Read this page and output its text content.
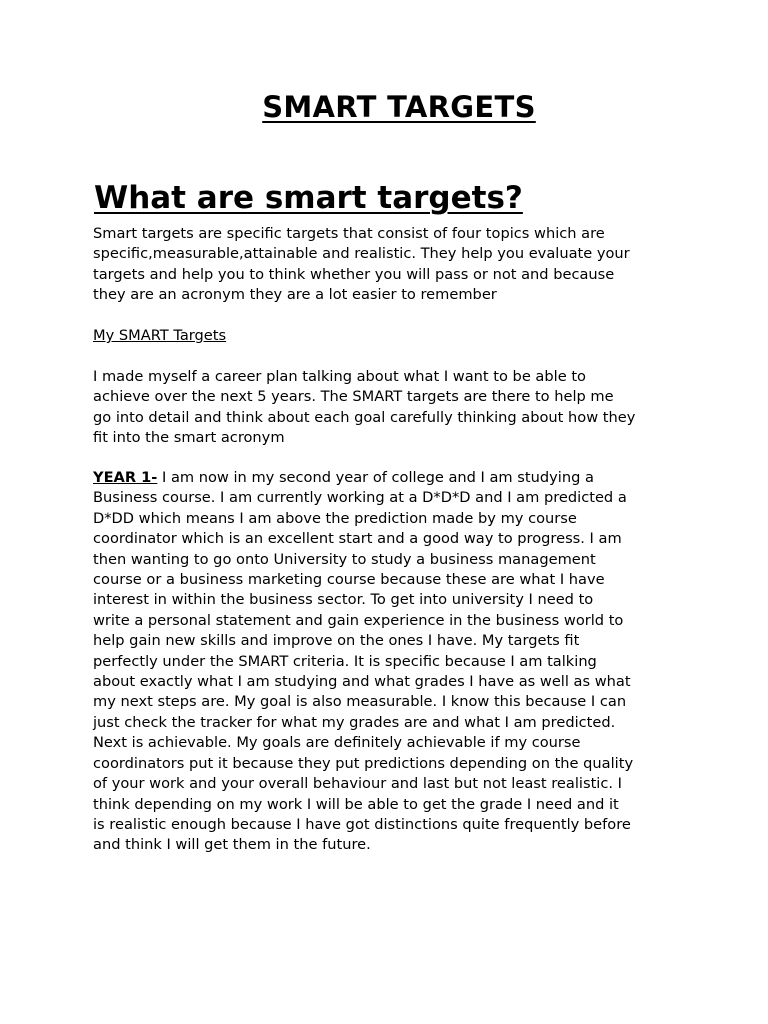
SMART TARGETS
What are smart targets?
Smart targets are specific targets that consist of four topics which are
specific,measurable,attainable and realistic. They help you evaluate your
targets and help you to think whether you will pass or not and because
they are an acronym they are a lot easier to remember
My SMART Targets
I made myself a career plan talking about what I want to be able to
achieve over the next 5 years. The SMART targets are there to help me
go into detail and think about each goal carefully thinking about how they
fit into the smart acronym
YEAR 1- I am now in my second year of college and I am studying a
Business course. I am currently working at a D*D*D and I am predicted a
D*DD which means I am above the prediction made by my course
coordinator which is an excellent start and a good way to progress. I am
then wanting to go onto University to study a business management
course or a business marketing course because these are what I have
interest in within the business sector. To get into university I need to
write a personal statement and gain experience in the business world to
help gain new skills and improve on the ones I have. My targets fit
perfectly under the SMART criteria. It is specific because I am talking
about exactly what I am studying and what grades I have as well as what
my next steps are. My goal is also measurable. I know this because I can
just check the tracker for what my grades are and what I am predicted.
Next is achievable. My goals are definitely achievable if my course
coordinators put it because they put predictions depending on the quality
of your work and your overall behaviour and last but not least realistic. I
think depending on my work I will be able to get the grade I need and it
is realistic enough because I have got distinctions quite frequently before
and think I will get them in the future.
